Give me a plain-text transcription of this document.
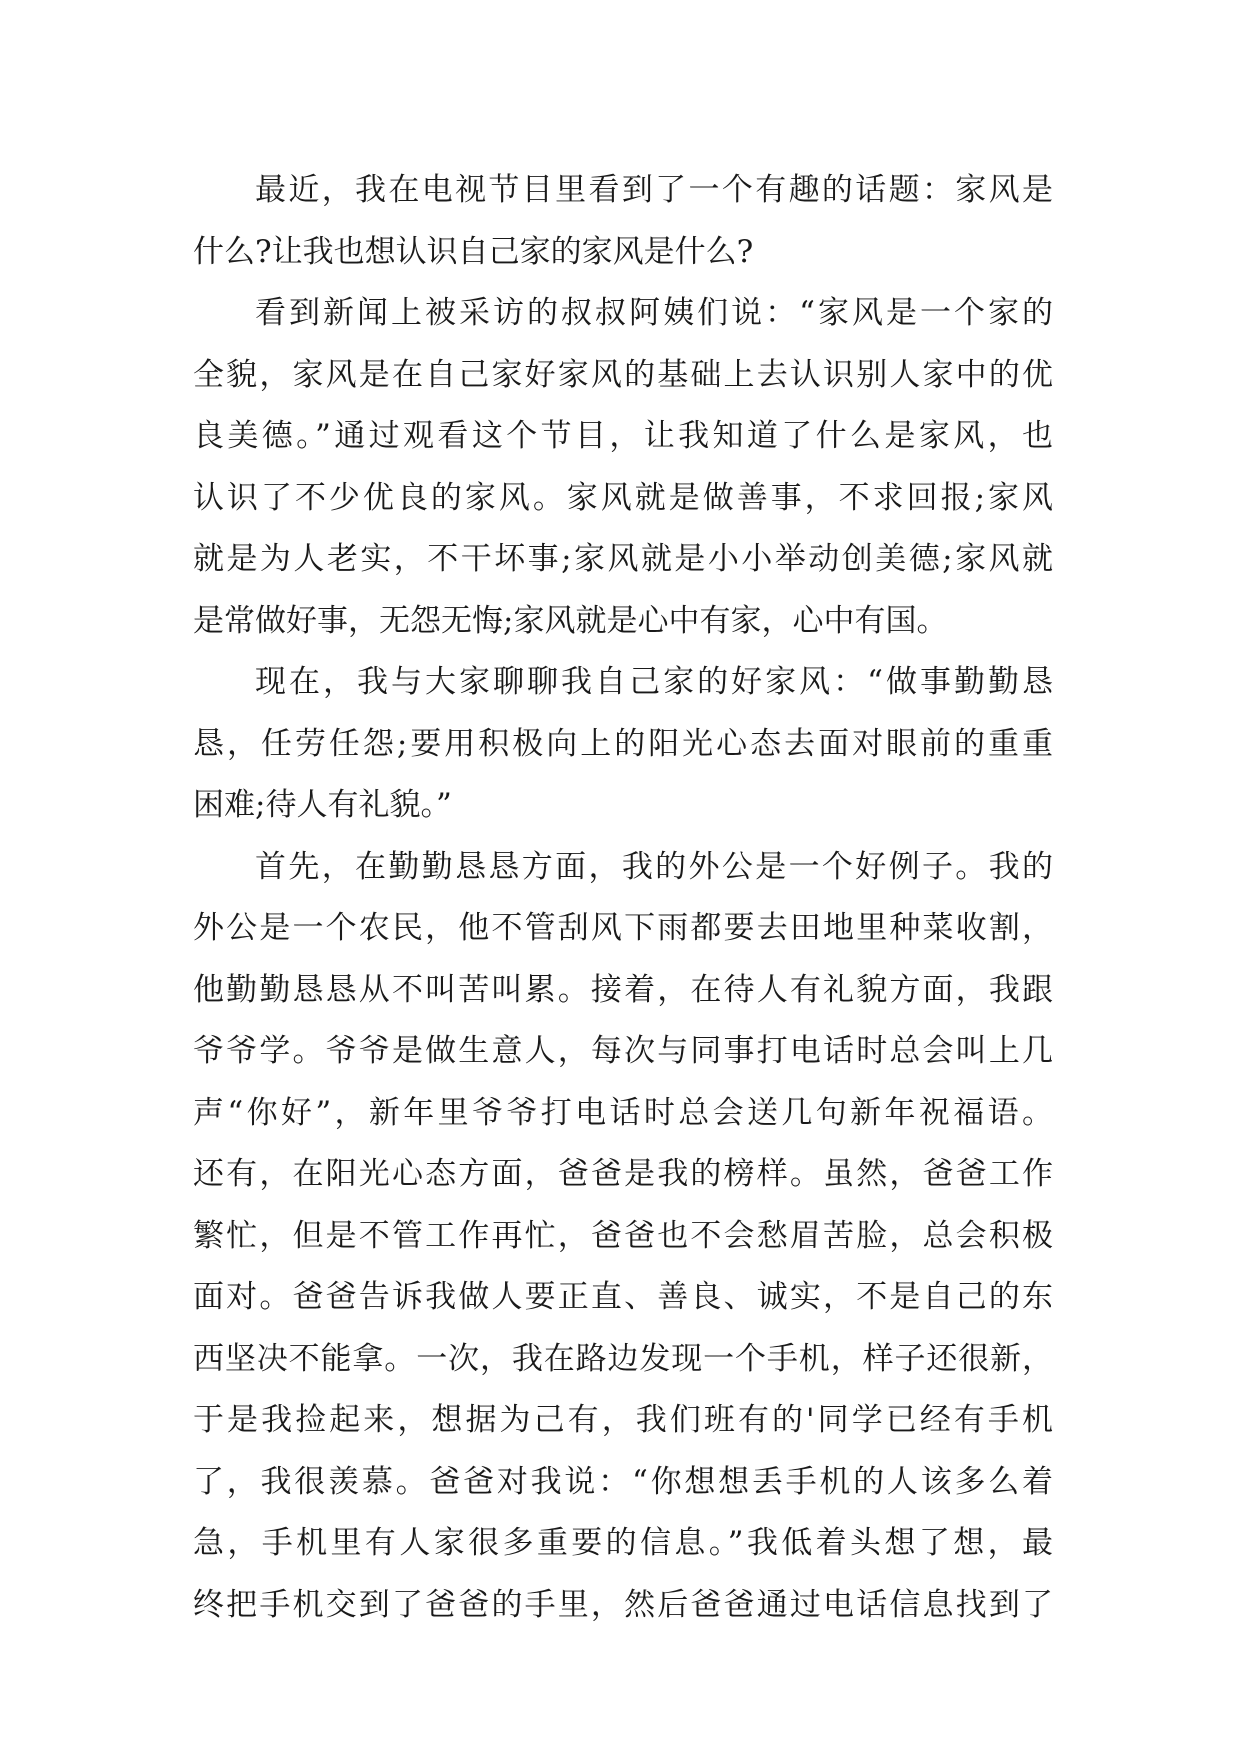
最近，我在电视节目里看到了一个有趣的话题：家风是
什么?让我也想认识自己家的家风是什么?
看到新闻上被采访的叔叔阿姨们说：“家风是一个家的
全貌，家风是在自己家好家风的基础上去认识别人家中的优
良美德。”通过观看这个节目，让我知道了什么是家风，也
认识了不少优良的家风。家风就是做善事，不求回报;家风
就是为人老实，不干坏事;家风就是小小举动创美德;家风就
是常做好事，无怨无悔;家风就是心中有家，心中有国。
现在，我与大家聊聊我自己家的好家风：“做事勤勤恳
恳，任劳任怨;要用积极向上的阳光心态去面对眼前的重重
困难;待人有礼貌。”
首先，在勤勤恳恳方面，我的外公是一个好例子。我的
外公是一个农民，他不管刮风下雨都要去田地里种菜收割，
他勤勤恳恳从不叫苦叫累。接着，在待人有礼貌方面，我跟
爷爷学。爷爷是做生意人，每次与同事打电话时总会叫上几
声“你好”，新年里爷爷打电话时总会送几句新年祝福语。
还有，在阳光心态方面，爸爸是我的榜样。虽然，爸爸工作
繁忙，但是不管工作再忙，爸爸也不会愁眉苦脸，总会积极
面对。爸爸告诉我做人要正直、善良、诚实，不是自己的东
西坚决不能拿。一次，我在路边发现一个手机，样子还很新，
于是我捡起来，想据为己有，我们班有的'同学已经有手机
了，我很羡慕。爸爸对我说：“你想想丢手机的人该多么着
急，手机里有人家很多重要的信息。”我低着头想了想，最
终把手机交到了爸爸的手里，然后爸爸通过电话信息找到了
